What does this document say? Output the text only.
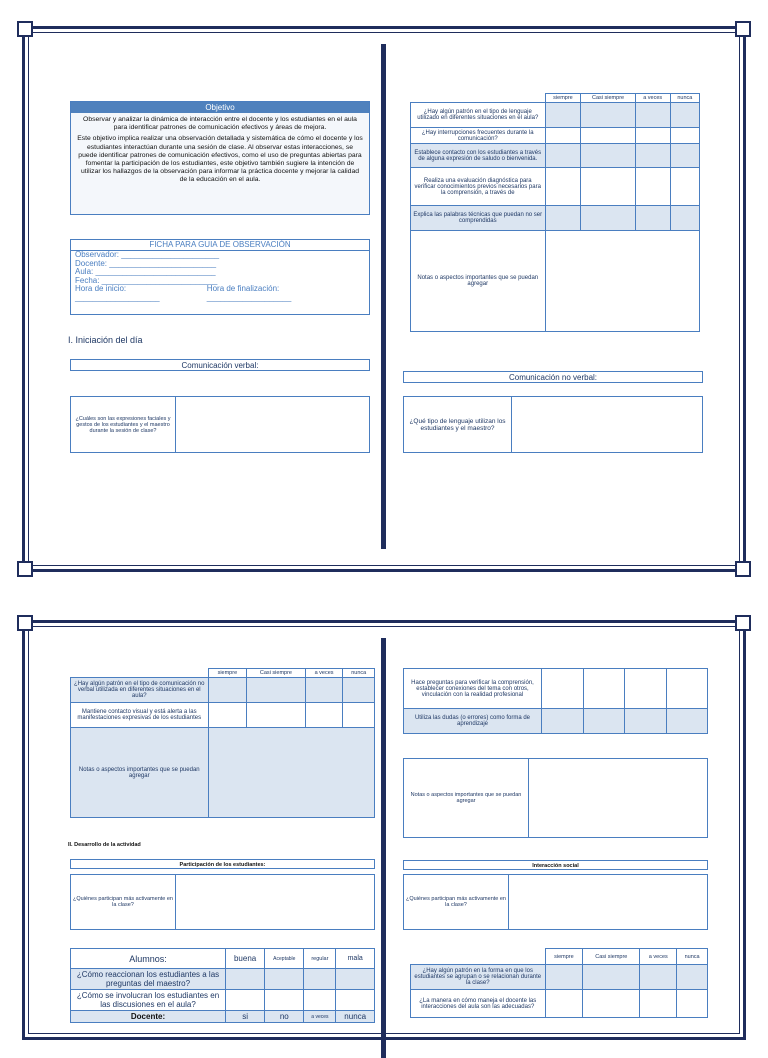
Objetivo
Observar y analizar la dinámica de interacción entre el docente y los estudiantes en el aula para identificar patrones de comunicación efectivos y áreas de mejora.
Este objetivo implica realizar una observación detallada y sistemática de cómo el docente y los estudiantes interactúan durante una sesión de clase. Al observar estas interacciones, se puede identificar patrones de comunicación efectivos, como el uso de preguntas abiertas para fomentar la participación de los estudiantes, este objetivo también sugiere la intención de utilizar los hallazgos de la observación para informar la práctica docente y mejorar la calidad de la educación en el aula.
FICHA PARA GUIA DE OBSERVACIÓN
Observador: ______________________
Docente: ________________________
Aula: ___________________________
Fecha: __________________________
Hora de inicio: ___________________
Hora de finalización: ___________________
I. Iniciación del día
Comunicación verbal:
¿Cuáles son las expresiones faciales y gestos de los estudiantes y el maestro durante la sesión de clase?
	siempre	Casi siempre	a veces	nunca
¿Hay algún patrón en el tipo de lenguaje utilizado en diferentes situaciones en el aula?				
¿Hay interrupciones frecuentes durante la comunicación?				
Establece contacto con los estudiantes a través de alguna expresión de saludo o bienvenida.				
Realiza una evaluación diagnóstica para verificar conocimientos previos necesarios para la comprensión, a través de				
Explica las palabras técnicas que puedan no ser comprendidas				
Notas o aspectos importantes que se puedan agregar				
Comunicación no verbal:
¿Qué tipo de lenguaje utilizan los estudiantes y el maestro?
	siempre	Casi siempre	a veces	nunca
¿Hay algún patrón en el tipo de comunicación no verbal utilizada en diferentes situaciones en el aula?				
Mantiene contacto visual y está alerta a las manifestaciones expresivas de los estudiantes				
Notas o aspectos importantes que se puedan agregar				
II. Desarrollo de la actividad
Participación de los estudiantes:
¿Quiénes participan más activamente en la clase?
Alumnos:	buena	Aceptable	regular	mala
¿Cómo reaccionan los estudiantes a las preguntas del maestro?				
¿Cómo se involucran los estudiantes en las discusiones en el aula?				
Docente:	si	no	a veces	nunca
Hace preguntas para verificar la comprensión, establecer conexiones del tema con otros, vinculación con la realidad profesional				
Utiliza las dudas (o errores) como forma de aprendizaje				
Notas o aspectos importantes que se puedan agregar
Interacción social
¿Quiénes participan más activamente en la clase?
	siempre	Casi siempre	a veces	nunca
¿Hay algún patrón en la forma en que los estudiantes se agrupan o se relacionan durante la clase?				
¿La manera en cómo maneja el docente las interacciones del aula son las adecuadas?				
